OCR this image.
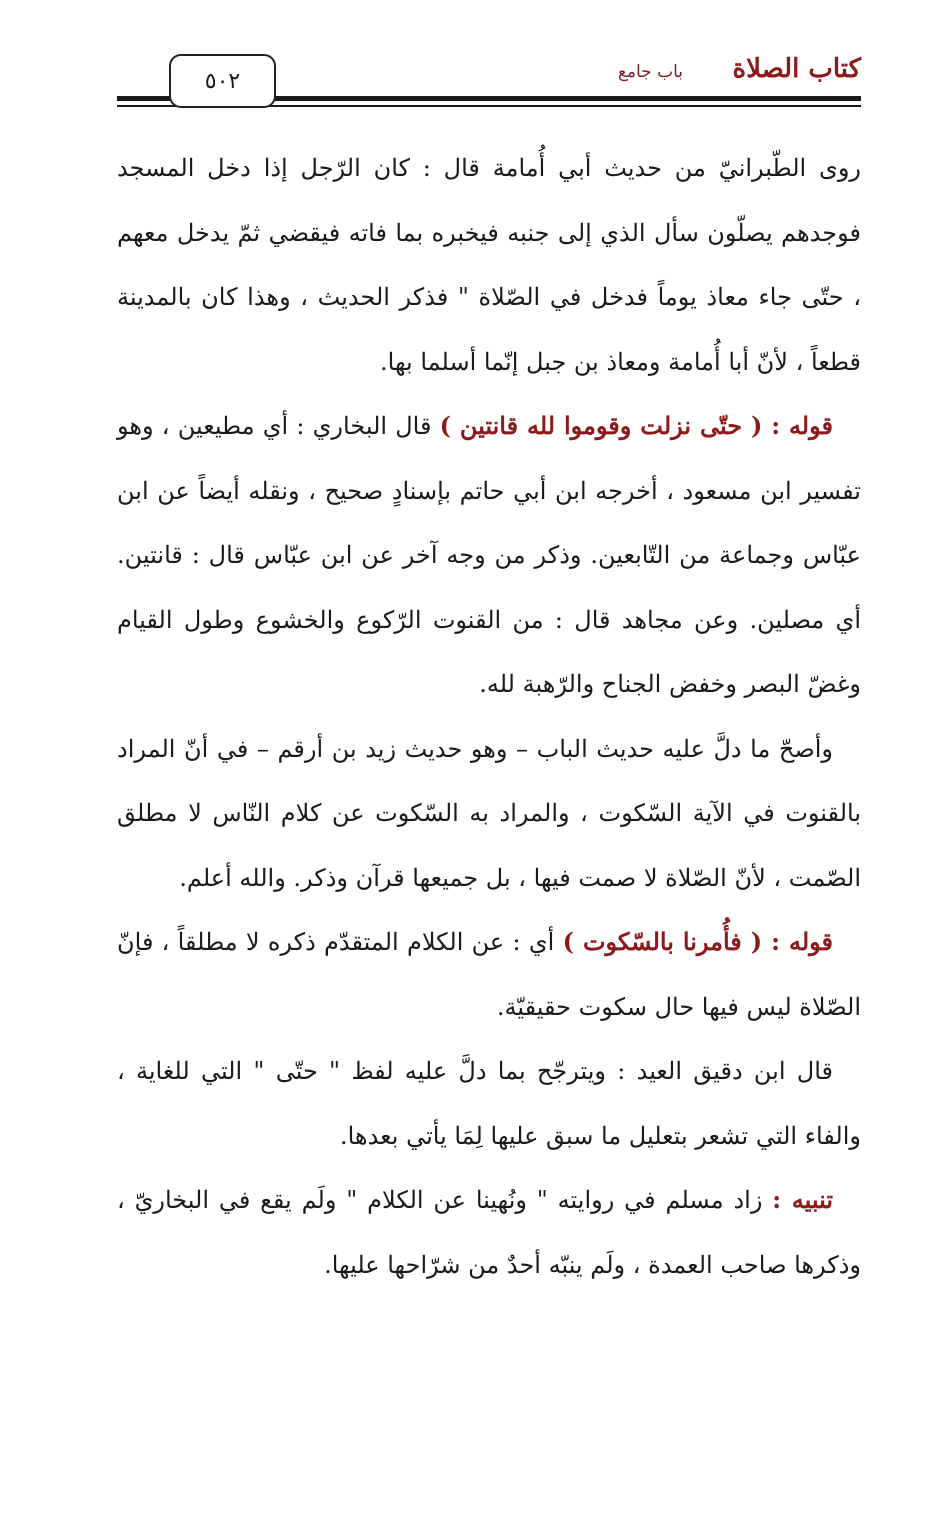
٥٠٢	كتاب الصلاة
باب جامع

روى الطّبرانيّ من حديث أبي أُمامة قال : كان الرّجل إذا دخل المسجد فوجدهم يصلّون سأل الذي إلى جنبه فيخبره بما فاته فيقضي ثمّ يدخل معهم ، حتّى جاء معاذ يوماً فدخل في الصّلاة " فذكر الحديث ، وهذا كان بالمدينة قطعاً ، لأنّ أبا أُمامة ومعاذ بن جبل إنّما أسلما بها.

قوله : ( حتّى نزلت وقوموا لله قانتين ) قال البخاري : أي مطيعين ، وهو تفسير ابن مسعود ، أخرجه ابن أبي حاتم بإسنادٍ صحيح ، ونقله أيضاً عن ابن عبّاس وجماعة من التّابعين. وذكر من وجه آخر عن ابن عبّاس قال : قانتين. أي مصلين. وعن مجاهد قال : من القنوت الرّكوع والخشوع وطول القيام وغضّ البصر وخفض الجناح والرّهبة لله.

وأصحّ ما دلَّ عليه حديث الباب – وهو حديث زيد بن أرقم – في أنّ المراد بالقنوت في الآية السّكوت ، والمراد به السّكوت عن كلام النّاس لا مطلق الصّمت ، لأنّ الصّلاة لا صمت فيها ، بل جميعها قرآن وذكر. والله أعلم.

قوله : ( فأُمرنا بالسّكوت ) أي : عن الكلام المتقدّم ذكره لا مطلقاً ، فإنّ الصّلاة ليس فيها حال سكوت حقيقيّة.

قال ابن دقيق العيد : ويترجّح بما دلَّ عليه لفظ " حتّى " التي للغاية ، والفاء التي تشعر بتعليل ما سبق عليها لِمَا يأتي بعدها.

تنبيه : زاد مسلم في روايته " ونُهينا عن الكلام " ولَم يقع في البخاريّ ، وذكرها صاحب العمدة ، ولَم ينبّه أحدٌ من شرّاحها عليها.
